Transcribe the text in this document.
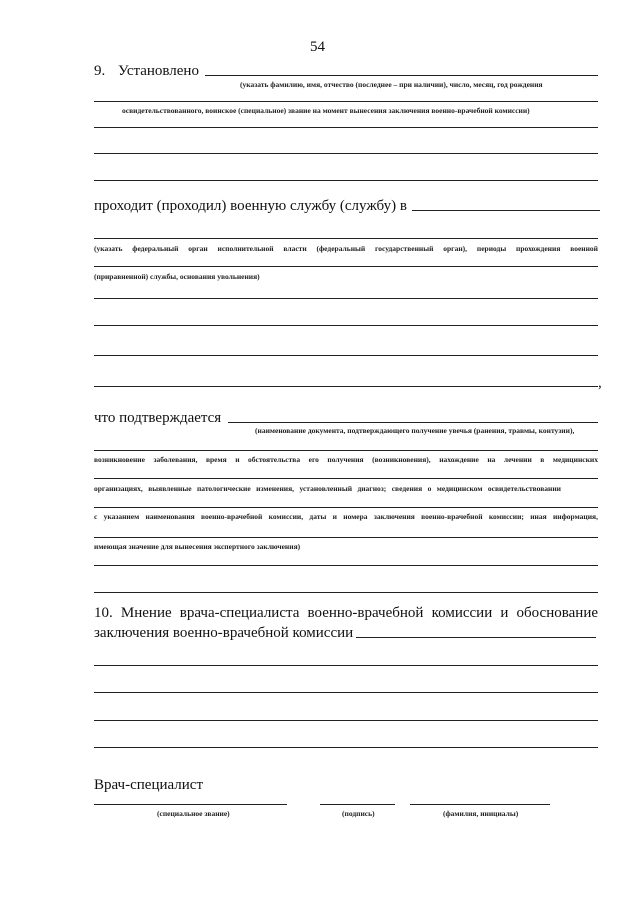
54
9. Установлено
(указать фамилию, имя, отчество (последнее – при наличии), число, месяц, год рождения
освидетельствованного, воинское (специальное) звание на момент вынесения заключения военно-врачебной комиссии)
проходит (проходил) военную службу (службу) в
(указать федеральный орган исполнительной власти (федеральный государственный орган), периоды прохождения военной
(приравненной) службы, основания увольнения)
,
что подтверждается
(наименование документа, подтверждающего получение увечья (ранения, травмы, контузии),
возникновение заболевания, время и обстоятельства его получения (возникновения), нахождение на лечении в медицинских
организациях, выявленные патологические изменения, установленный диагноз; сведения о медицинском освидетельствовании
с указанием наименования военно-врачебной комиссии, даты и номера заключения военно-врачебной комиссии; иная информация,
имеющая значение для вынесения экспертного заключения)
10. Мнение врача-специалиста военно-врачебной комиссии и обоснование
заключения военно-врачебной комиссии
Врач-специалист
(специальное звание)	(подпись)	(фамилия, инициалы)
